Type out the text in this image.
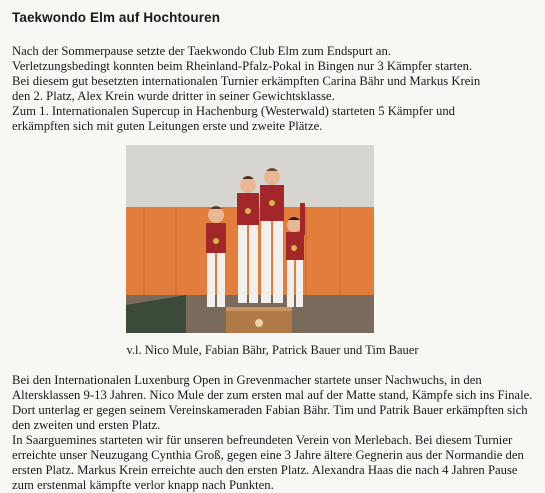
Taekwondo Elm auf Hochtouren

Nach der Sommerpause setzte der Taekwondo Club Elm zum Endspurt an.
Verletzungsbedingt konnten beim Rheinland-Pfalz-Pokal in Bingen nur 3 Kämpfer starten.
Bei diesem gut besetzten internationalen Turnier erkämpften Carina Bähr und Markus Krein
den 2. Platz, Alex Krein wurde dritter in seiner Gewichtsklasse.
Zum 1. Internationalen Supercup in Hachenburg (Westerwald) starteten 5 Kämpfer und
erkämpften sich mit guten Leitungen erste und zweite Plätze.

v.l. Nico Mule, Fabian Bähr, Patrick Bauer und Tim Bauer

Bei den Internationalen Luxenburg Open in Grevenmacher startete unser Nachwuchs, in den
Altersklassen 9-13 Jahren. Nico Mule der zum ersten mal auf der Matte stand, Kämpfe sich ins Finale.
Dort unterlag er gegen seinem Vereinskameraden Fabian Bähr. Tim und Patrik Bauer erkämpften sich
den zweiten und ersten Platz.
In Saarguemines starteten wir für unseren befreundeten Verein von Merlebach. Bei diesem Turnier
erreichte unser Neuzugang Cynthia Groß, gegen eine 3 Jahre ältere Gegnerin aus der Normandie den
ersten Platz. Markus Krein erreichte auch den ersten Platz. Alexandra Haas die nach 4 Jahren Pause
zum erstenmal kämpfte verlor knapp nach Punkten.
